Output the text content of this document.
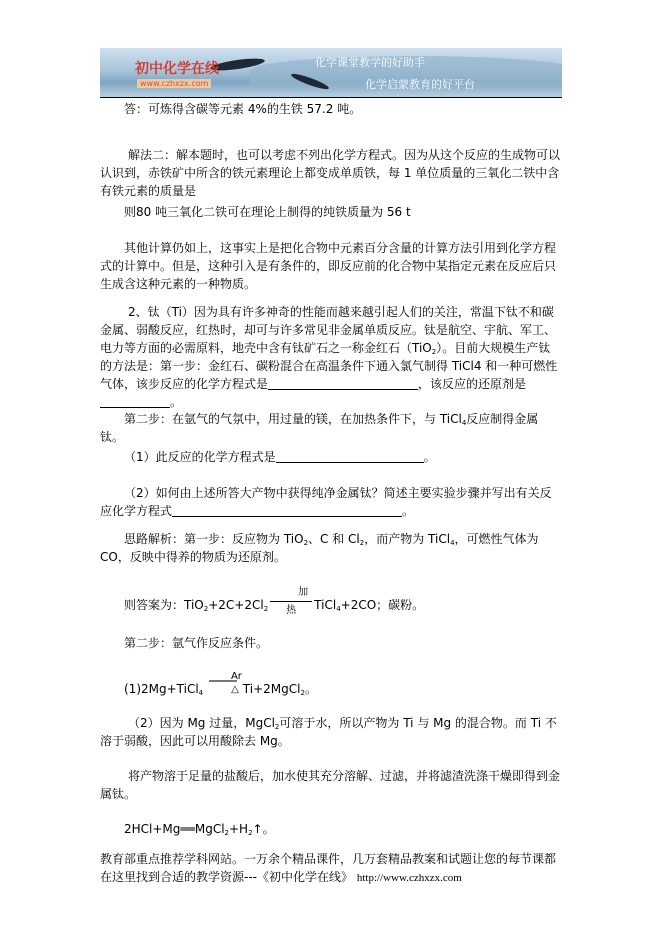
初中化学在线
www.czhxzx.com
化学课堂教学的好助手
化学启蒙教育的好平台
答：可炼得含碳等元素 4%的生铁 57.2 吨。
解法二：解本题时，也可以考虑不列出化学方程式。因为从这个反应的生成物可以认识到，赤铁矿中所含的铁元素理论上都变成单质铁，每 1 单位质量的三氧化二铁中含有铁元素的质量是
则80 吨三氧化二铁可在理论上制得的纯铁质量为 56 t
其他计算仍如上，这事实上是把化合物中元素百分含量的计算方法引用到化学方程式的计算中。但是，这种引入是有条件的，即反应前的化合物中某指定元素在反应后只生成含这种元素的一种物质。
2、钛（Ti）因为具有许多神奇的性能而越来越引起人们的关注，常温下钛不和碳金属、弱酸反应，红热时，却可与许多常见非金属单质反应。钛是航空、宇航、军工、电力等方面的必需原料，地壳中含有钛矿石之一称金红石（TiO$_2$）。目前大规模生产钛的方法是：第一步：金红石、碳粉混合在高温条件下通入氯气制得 TiCl4 和一种可燃性气体，该步反应的化学方程式是	，该反应的还原剂是。
第二步：在氩气的气氛中，用过量的镁，在加热条件下，与 TiCl$_4$反应制得金属钛。
（1）此反应的化学方程式是	。
（2）如何由上述所答大产物中获得纯净金属钛？简述主要实验步骤并写出有关反应化学方程式	。
思路解析：第一步：反应物为 TiO$_2$、C 和 $Cl_2$，而产物为 TiCl$_4$，可燃性气体为CO，反映中得养的物质为还原剂。
则答案为：$TiO_2+2C+2Cl_2$
加 热	TiCl$_4$+2CO；碳粉。
第二步：氩气作反应条件。
(1)2Mg+TiCl$_4$
Ar
△ Ti+2MgCl$_2$。
（2）因为 Mg 过量，MgCl$_2$可溶于水，所以产物为 Ti 与 Mg 的混合物。而 Ti 不溶于弱酸，因此可以用酸除去 Mg。
将产物溶于足量的盐酸后，加水使其充分溶解、过滤，并将滤渣洗涤干燥即得到金属钛。
$2HCl+Mg══MgCl_2+H_2↑$。
教育部重点推荐学科网站。一万余个精品课件，几万套精品教案和试题让您的每节课都在这里找到合适的教学资源---《初中化学在线》 http://www.czhxzx.com
